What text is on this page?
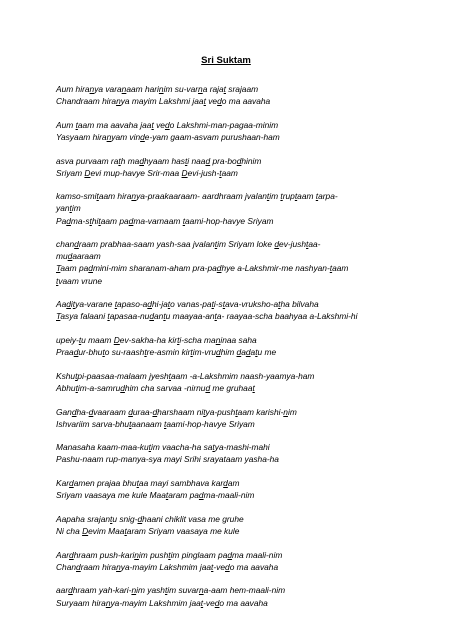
Sri Suktam
Aum hiranya varanaam harinim su-varna rajat srajaam
Chandraam hiranya mayim Lakshmi jaat vedo ma aavaha
Aum taam ma aavaha jaat vedo Lakshmi-man-pagaa-minim
Yasyaam hiranyam vinde-yam gaam-asvam purushaan-ham
asva purvaam rath madhyaam hasti naad pra-bodhinim
Sriyam Devi mup-havye Srir-maa Devi-jush-taam
kamso-smitaam hiranya-praakaaraam- aardhraam jvalantim truptaam tarpa-
yantim
Padma-sthitaam padma-varnaam taami-hop-havye Sriyam
chandraam prabhaa-saam yash-saa jvalantim Sriyam loke dev-jushtaa-
mudaaraam
Taam padmini-mim sharanam-aham pra-padhye a-Lakshmir-me nashyan-taam
tvaam vrune
Aaditya-varane tapaso-adhi-jato vanas-pati-stava-vruksho-atha bilvaha
Tasya falaani tapasaa-nudantu maayaa-anta- raayaa-scha baahyaa a-Lakshmi-hi
upeiy-tu maam Dev-sakha-ha kirti-scha maninaa saha
Praadur-bhuto su-raashtre-asmin kirtim-vrudhim dadatu me
Kshutpi-paasaa-malaam jyeshtaam -a-Lakshmim naash-yaamya-ham
Abhutim-a-samrudhim cha sarvaa -nirnud me gruhaat
Gandha-dvaaraam duraa-dharshaam nitya-pushtaam karishi-nim
Ishvariim sarva-bhutaanaam taami-hop-havye Sriyam
Manasaha kaam-maa-kutim vaacha-ha satya-mashi-mahi
Pashu-naam rup-manya-sya mayi Srihi srayataam yasha-ha
Kardamen prajaa bhutaa mayi sambhava kardam
Sriyam vaasaya me kule Maataram padma-maali-nim
Aapaha srajantu snig-dhaani chiklit vasa me gruhe
Ni cha Devim Maataram Sriyam vaasaya me kule
Aardhraam push-karinim pushtim pinglaam padma maali-nim
Chandraam hiranya-mayim Lakshmim jaat-vedo ma aavaha
aardhraam yah-kari-nim yashtim suvarna-aam hem-maali-nim
Suryaam hiranya-mayim Lakshmim jaat-vedo ma aavaha
